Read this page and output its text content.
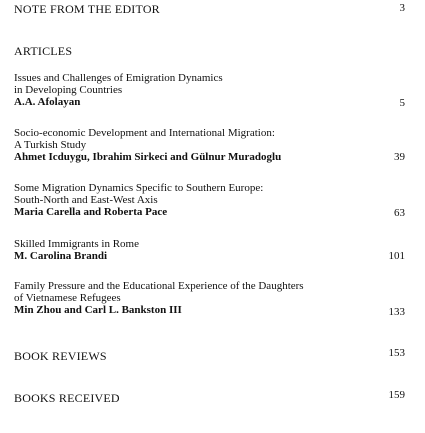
NOTE FROM THE EDITOR	3
ARTICLES
Issues and Challenges of Emigration Dynamics
in Developing Countries
A.A. Afolayan	5
Socio-economic Development and International Migration:
A Turkish Study
Ahmet Icduygu, Ibrahim Sirkeci and Gülnur Muradoglu	39
Some Migration Dynamics Specific to Southern Europe:
South-North and East-West Axis
Maria Carella and Roberta Pace	63
Skilled Immigrants in Rome
M. Carolina Brandi	101
Family Pressure and the Educational Experience of the Daughters
of Vietnamese Refugees
Min Zhou and Carl L. Bankston III	133
BOOK REVIEWS	153
BOOKS RECEIVED	159
